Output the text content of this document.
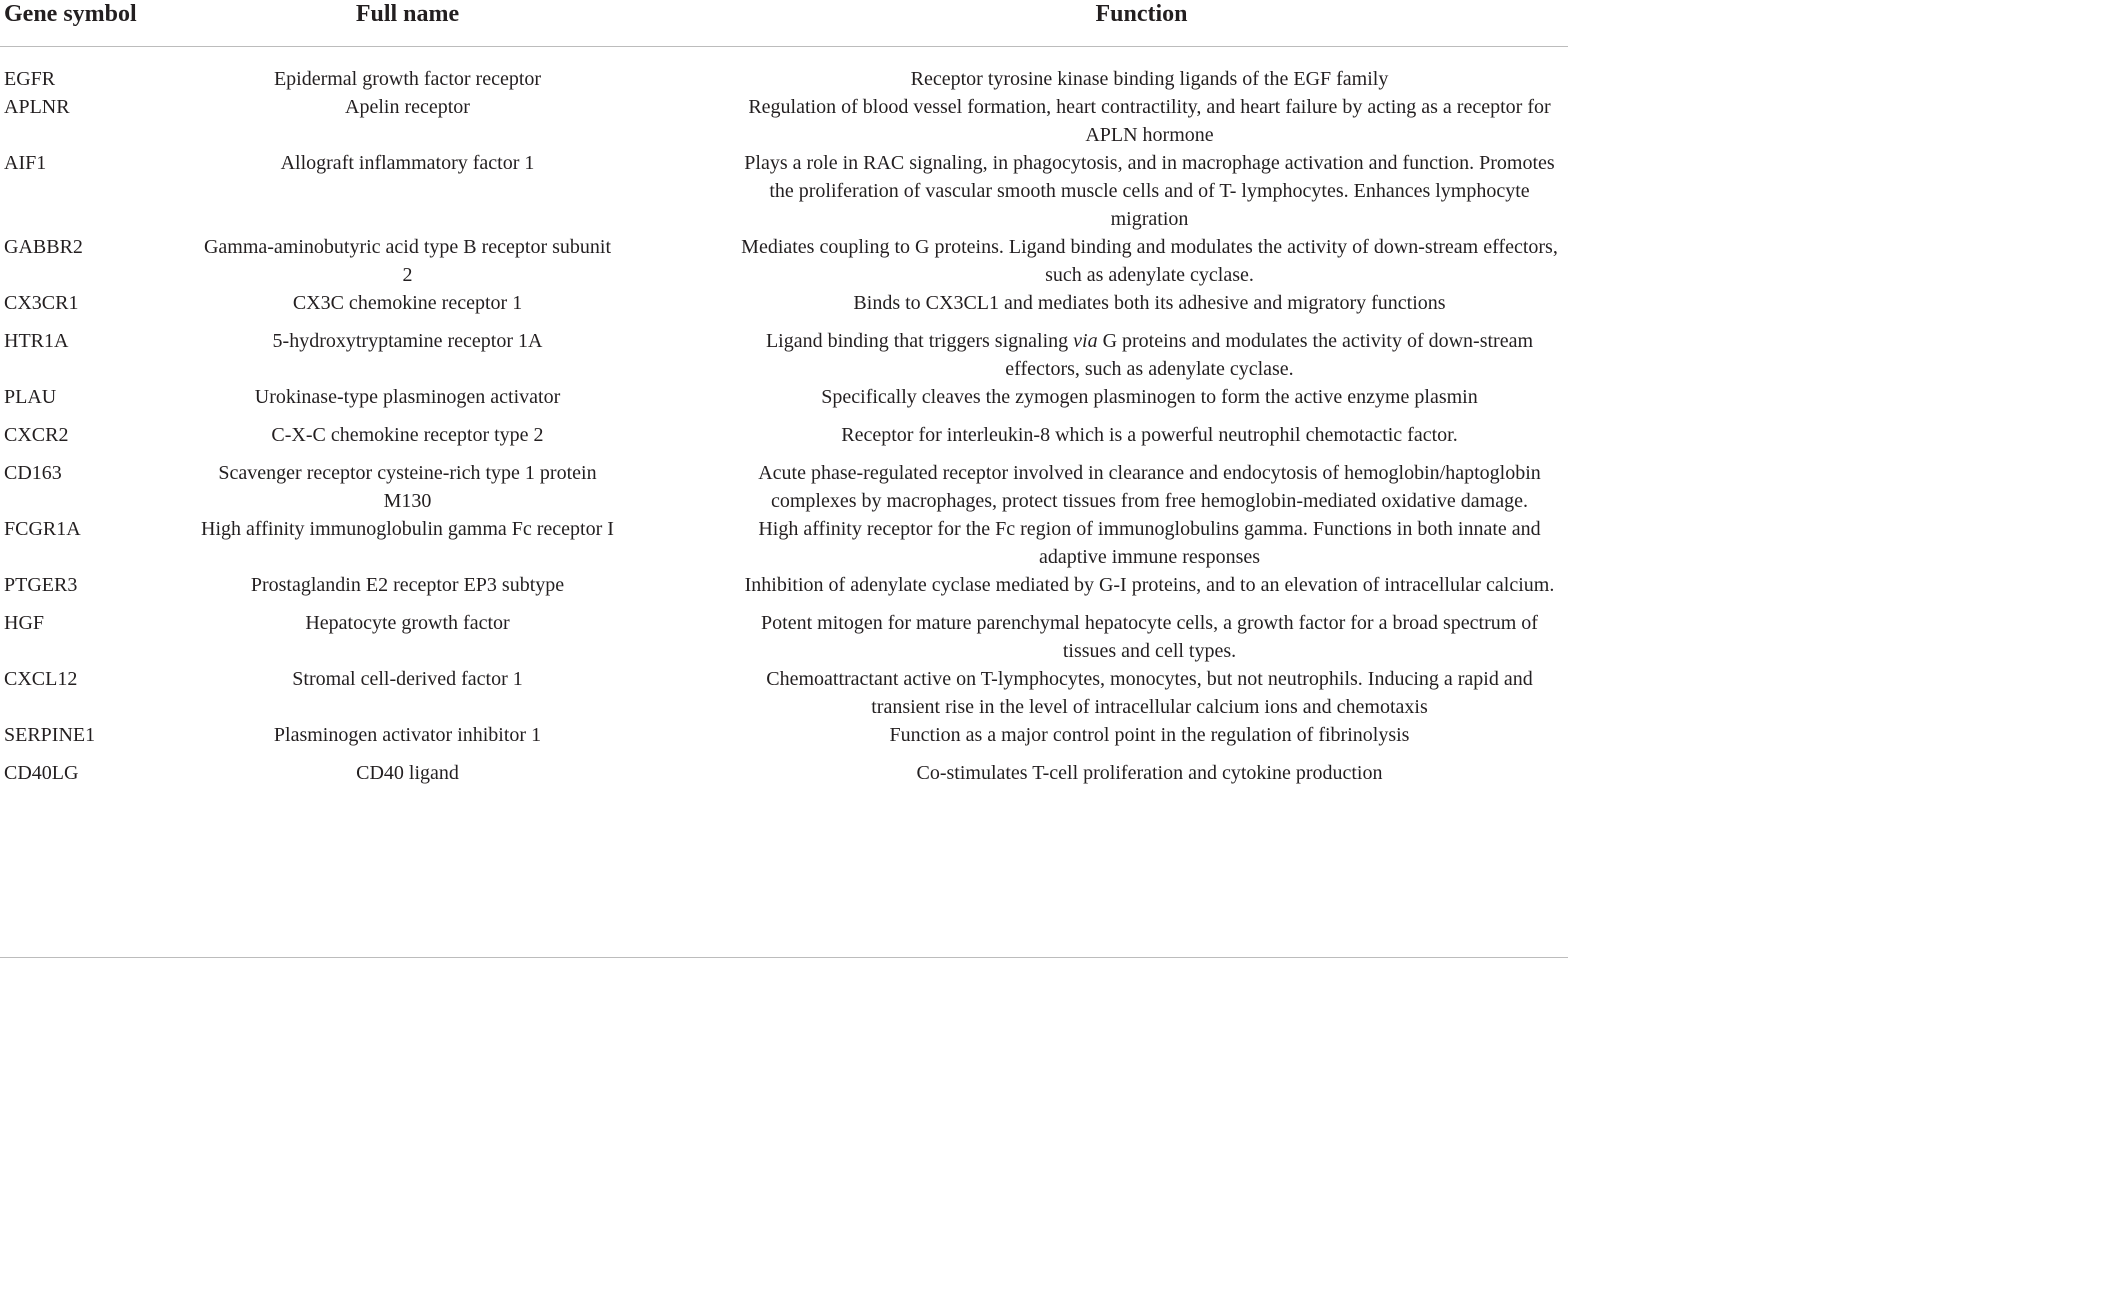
Gene symbol	Full name	Function
EGFR	Epidermal growth factor receptor	Receptor tyrosine kinase binding ligands of the EGF family
APLNR	Apelin receptor	Regulation of blood vessel formation, heart contractility, and heart failure by acting as a receptor for APLN hormone
AIF1	Allograft inflammatory factor 1	Plays a role in RAC signaling, in phagocytosis, and in macrophage activation and function. Promotes the proliferation of vascular smooth muscle cells and of T- lymphocytes. Enhances lymphocyte migration
GABBR2	Gamma-aminobutyric acid type B receptor subunit 2	Mediates coupling to G proteins. Ligand binding and modulates the activity of down-stream effectors, such as adenylate cyclase.
CX3CR1	CX3C chemokine receptor 1	Binds to CX3CL1 and mediates both its adhesive and migratory functions
HTR1A	5-hydroxytryptamine receptor 1A	Ligand binding that triggers signaling via G proteins and modulates the activity of down-stream effectors, such as adenylate cyclase.
PLAU	Urokinase-type plasminogen activator	Specifically cleaves the zymogen plasminogen to form the active enzyme plasmin
CXCR2	C-X-C chemokine receptor type 2	Receptor for interleukin-8 which is a powerful neutrophil chemotactic factor.
CD163	Scavenger receptor cysteine-rich type 1 protein M130	Acute phase-regulated receptor involved in clearance and endocytosis of hemoglobin/haptoglobin complexes by macrophages, protect tissues from free hemoglobin-mediated oxidative damage.
FCGR1A	High affinity immunoglobulin gamma Fc receptor I	High affinity receptor for the Fc region of immunoglobulins gamma. Functions in both innate and adaptive immune responses
PTGER3	Prostaglandin E2 receptor EP3 subtype	Inhibition of adenylate cyclase mediated by G-I proteins, and to an elevation of intracellular calcium.
HGF	Hepatocyte growth factor	Potent mitogen for mature parenchymal hepatocyte cells, a growth factor for a broad spectrum of tissues and cell types.
CXCL12	Stromal cell-derived factor 1	Chemoattractant active on T-lymphocytes, monocytes, but not neutrophils. Inducing a rapid and transient rise in the level of intracellular calcium ions and chemotaxis
SERPINE1	Plasminogen activator inhibitor 1	Function as a major control point in the regulation of fibrinolysis
CD40LG	CD40 ligand	Co-stimulates T-cell proliferation and cytokine production
